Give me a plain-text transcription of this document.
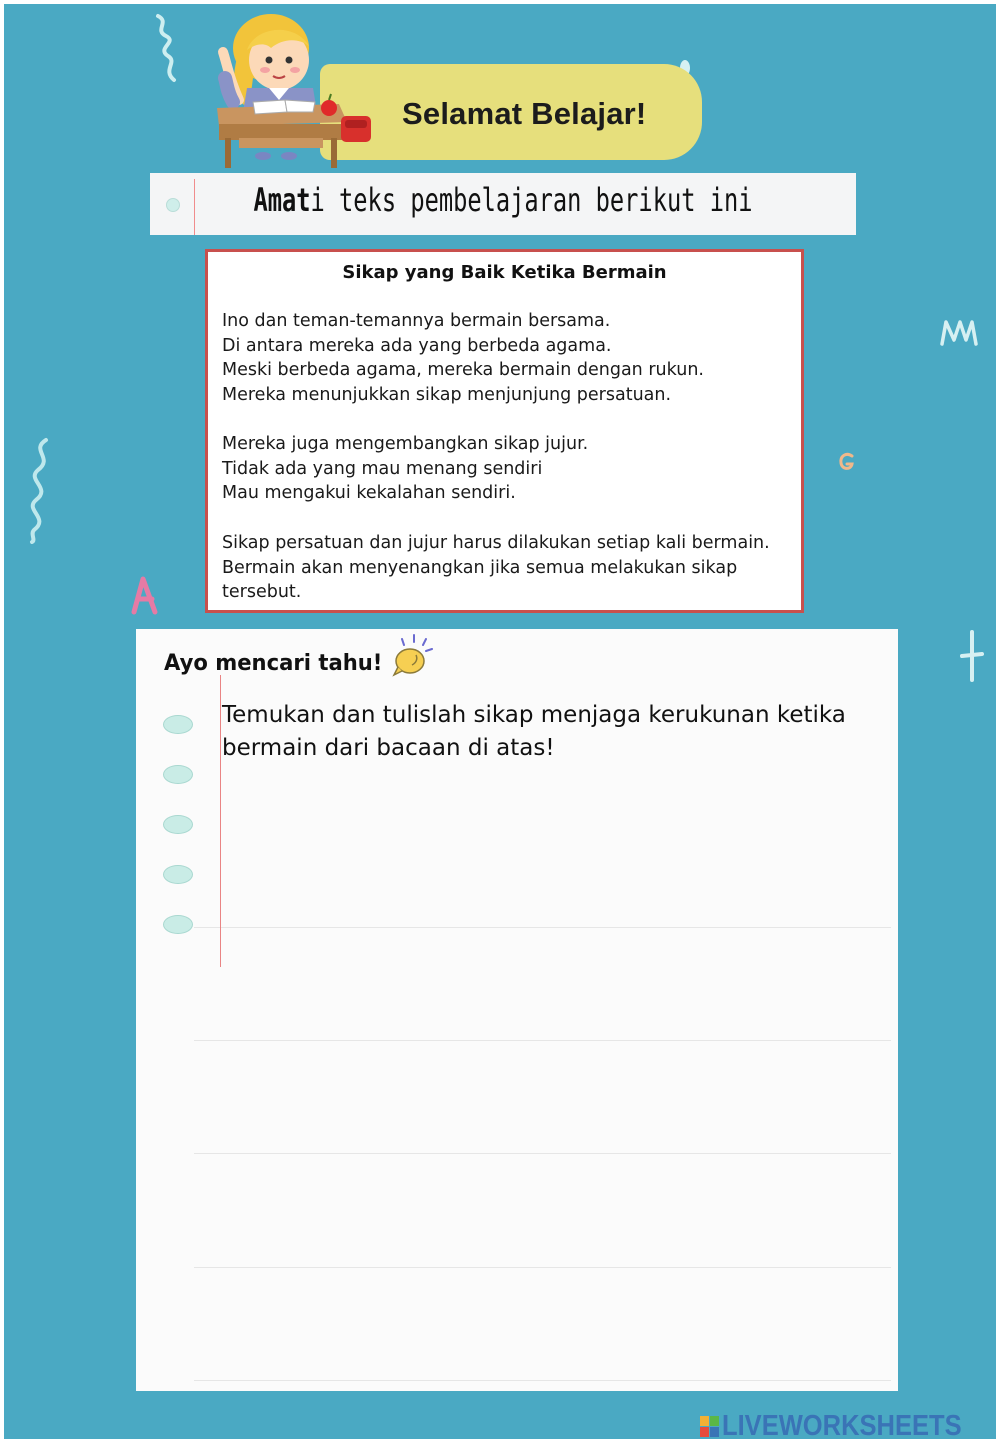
Selamat Belajar!
Amati teks pembelajaran berikut ini
Sikap yang Baik Ketika Bermain
Ino dan teman-temannya bermain bersama.
Di antara mereka ada yang berbeda agama.
Meski berbeda agama, mereka bermain dengan rukun.
Mereka menunjukkan sikap menjunjung persatuan.
Mereka juga mengembangkan sikap jujur.
Tidak ada yang mau menang sendiri
Mau mengakui kekalahan sendiri.
Sikap persatuan dan jujur harus dilakukan setiap kali bermain.
Bermain akan menyenangkan jika semua melakukan sikap
tersebut.
Ayo mencari tahu!
Temukan dan tulislah sikap menjaga kerukunan ketika bermain dari bacaan di atas!
LIVEWORKSHEETS
